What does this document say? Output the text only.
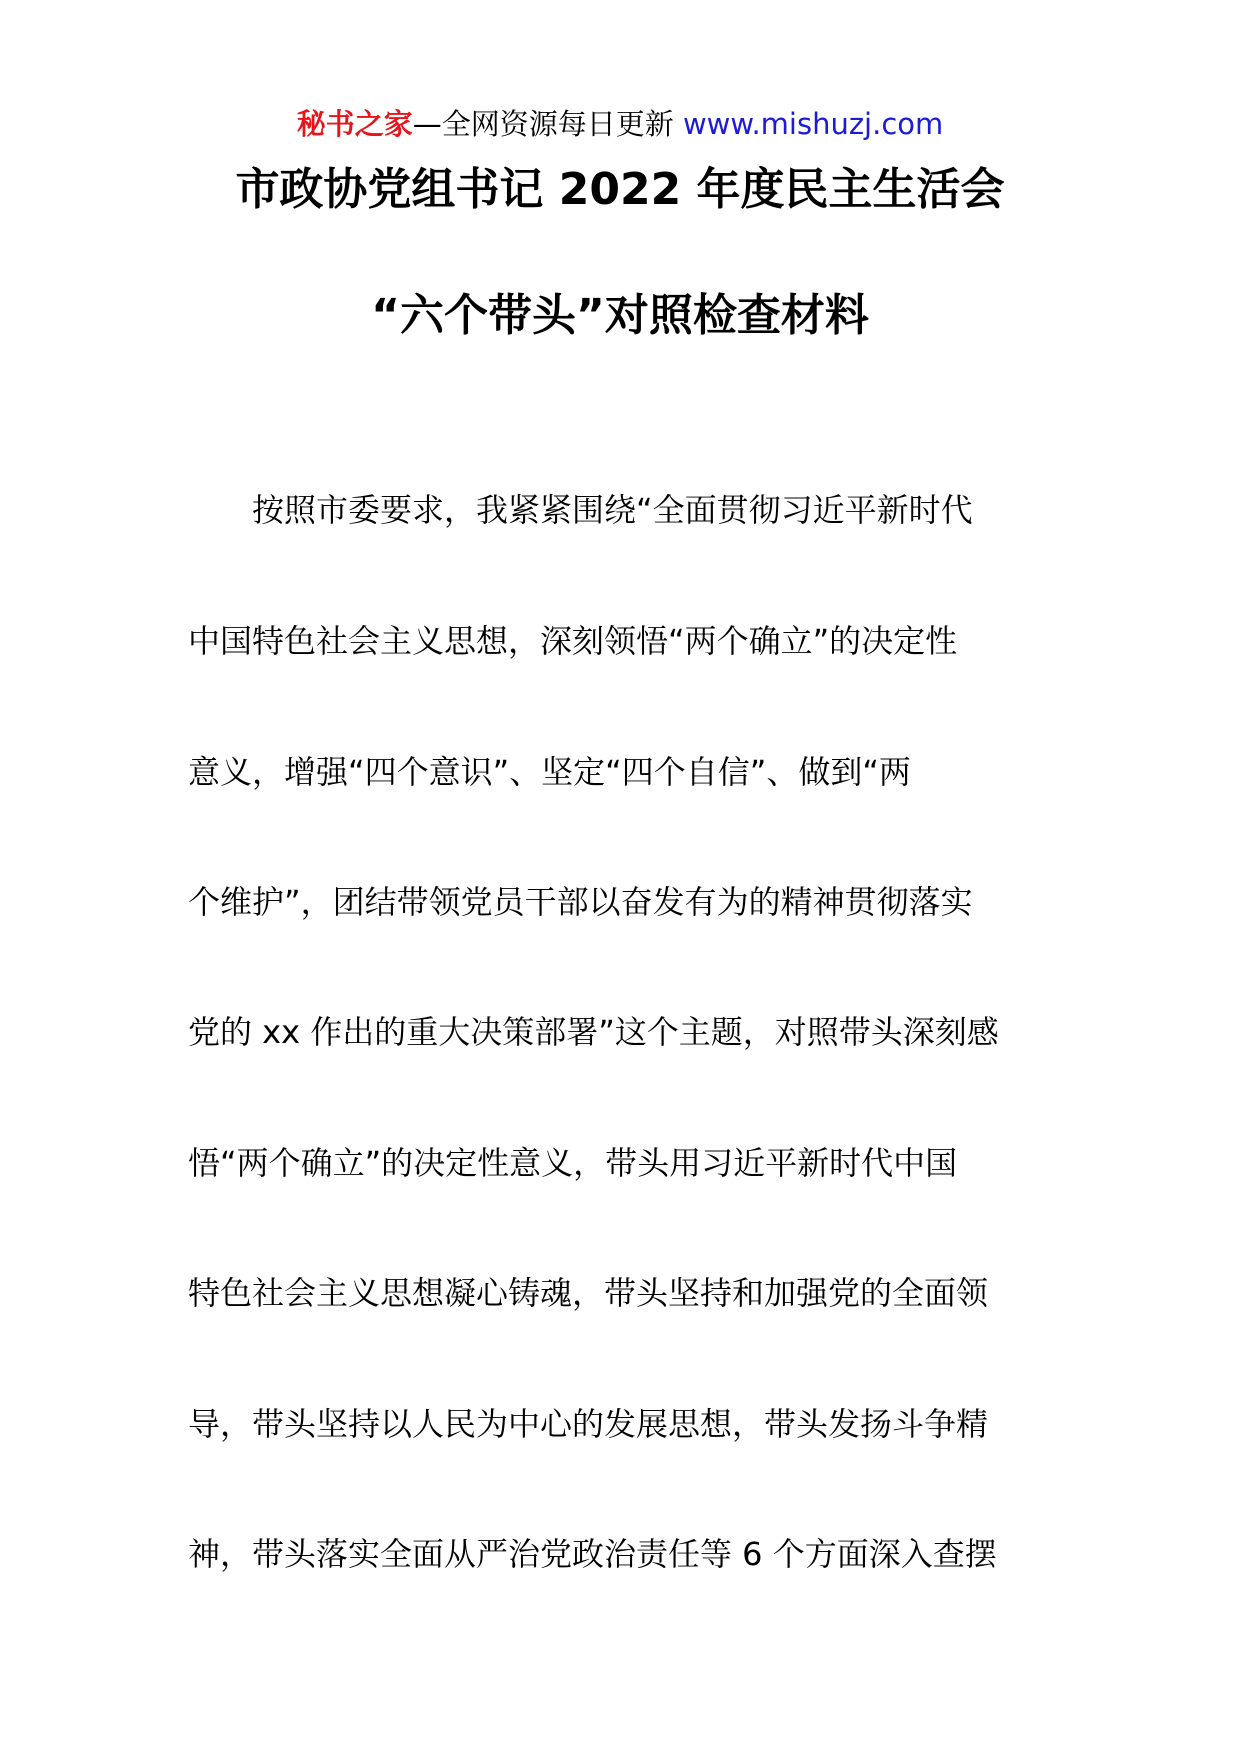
秘书之家—全网资源每日更新 www.mishuzj.com
市政协党组书记 2022 年度民主生活会
“六个带头”对照检查材料
按照市委要求，我紧紧围绕“全面贯彻习近平新时代
中国特色社会主义思想，深刻领悟“两个确立”的决定性
意义，增强“四个意识”、坚定“四个自信”、做到“两
个维护”，团结带领党员干部以奋发有为的精神贯彻落实
党的 xx 作出的重大决策部署”这个主题，对照带头深刻感
悟“两个确立”的决定性意义，带头用习近平新时代中国
特色社会主义思想凝心铸魂，带头坚持和加强党的全面领
导，带头坚持以人民为中心的发展思想，带头发扬斗争精
神，带头落实全面从严治党政治责任等 6 个方面深入查摆
